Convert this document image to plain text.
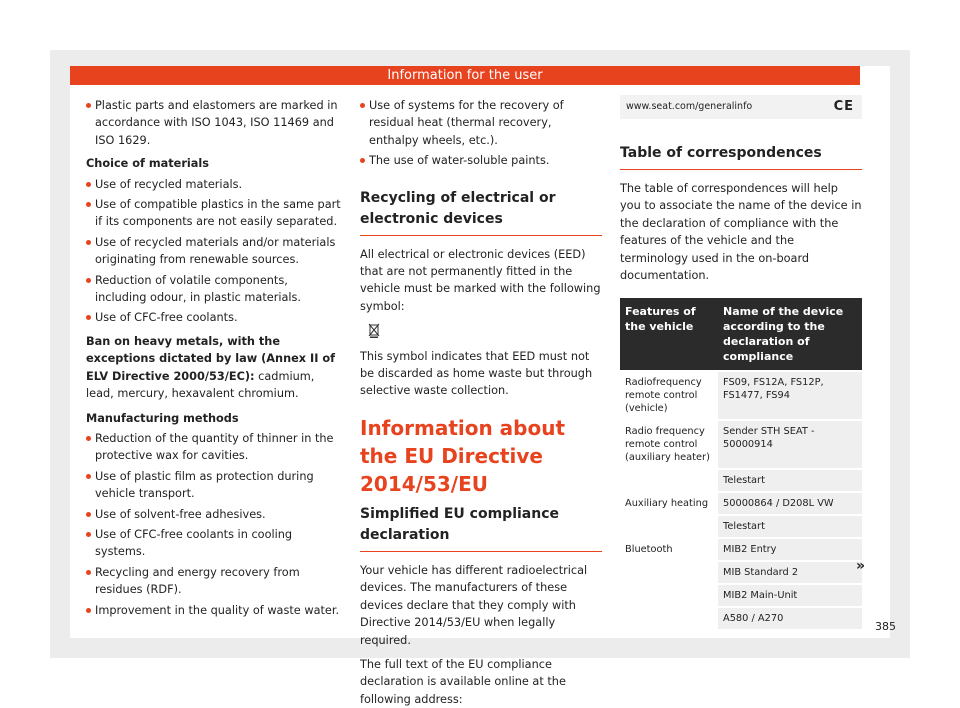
Information for the user
Plastic parts and elastomers are marked in accordance with ISO 1043, ISO 11469 and ISO 1629.
Choice of materials
Use of recycled materials.
Use of compatible plastics in the same part if its components are not easily separated.
Use of recycled materials and/or materials originating from renewable sources.
Reduction of volatile components, including odour, in plastic materials.
Use of CFC-free coolants.

Ban on heavy metals, with the exceptions dictated by law (Annex II of ELV Directive 2000/53/EC): cadmium, lead, mercury, hexavalent chromium.

Manufacturing methods
Reduction of the quantity of thinner in the protective wax for cavities.
Use of plastic film as protection during vehicle transport.
Use of solvent-free adhesives.
Use of CFC-free coolants in cooling systems.
Recycling and energy recovery from residues (RDF).
Improvement in the quality of waste water.
Use of systems for the recovery of residual heat (thermal recovery, enthalpy wheels, etc.).
The use of water-soluble paints.
Recycling of electrical or electronic devices

All electrical or electronic devices (EED) that are not permanently fitted in the vehicle must be marked with the following symbol:

This symbol indicates that EED must not be discarded as home waste but through selective waste collection.

Information about the EU Directive 2014/53/EU
Simplified EU compliance declaration

Your vehicle has different radioelectrical devices. The manufacturers of these devices declare that they comply with Directive 2014/53/EU when legally required.

The full text of the EU compliance declaration is available online at the following address:

www.seat.com/generalinfo	CE
Table of correspondences

The table of correspondences will help you to associate the name of the device in the declaration of compliance with the features of the vehicle and the terminology used in the on-board documentation.

Features of the vehicle	Name of the device according to the declaration of compliance
Radiofrequency remote control (vehicle)	FS09, FS12A, FS12P, FS1477, FS94
Radio frequency remote control (auxiliary heater)	Sender STH SEAT - 50000914
	Telestart
Auxiliary heating	50000864 / D208L VW
	Telestart
Bluetooth	MIB2 Entry
	MIB Standard 2
	MIB2 Main-Unit
	A580 / A270
»
385
